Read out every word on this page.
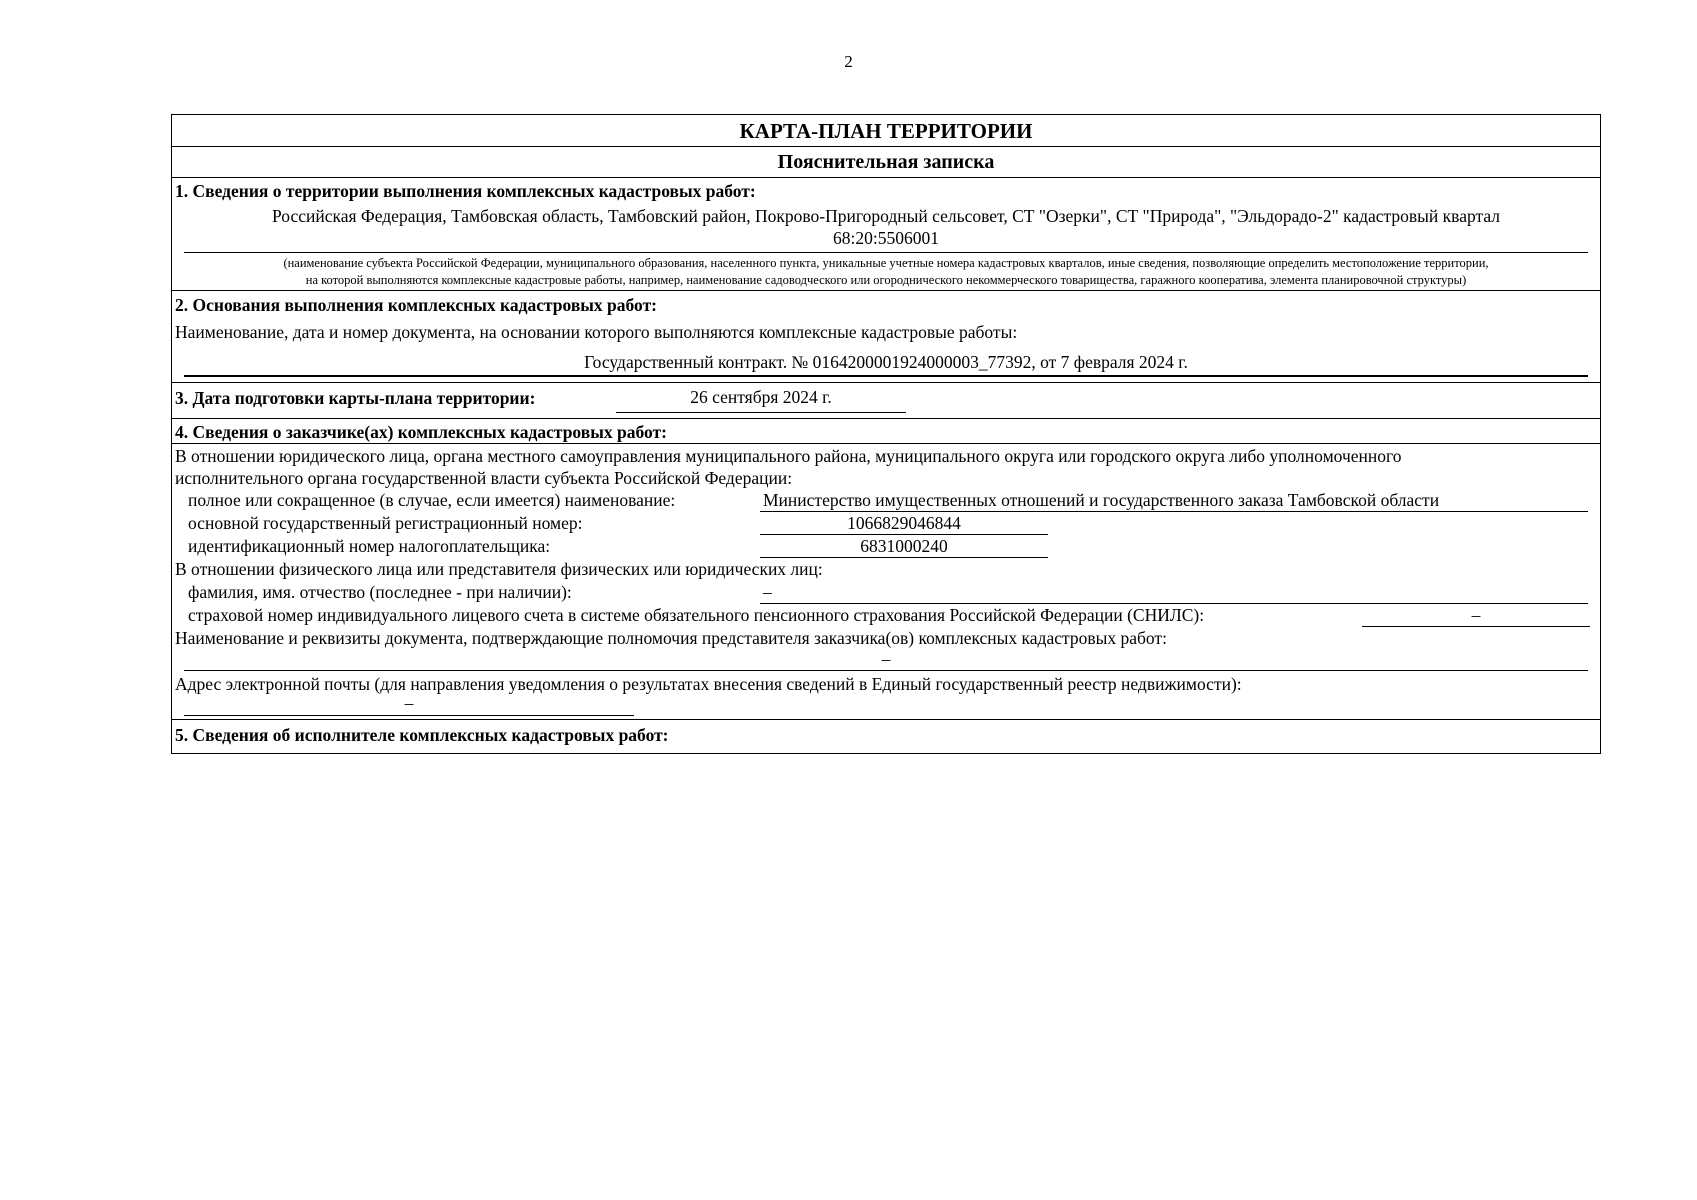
2
КАРТА-ПЛАН ТЕРРИТОРИИ
Пояснительная записка
1. Сведения о территории выполнения комплексных кадастровых работ:
Российская Федерация, Тамбовская область, Тамбовский район, Покрово-Пригородный сельсовет, СТ "Озерки", СТ "Природа", "Эльдорадо-2" кадастровый квартал
68:20:5506001
(наименование субъекта Российской Федерации, муниципального образования, населенного пункта, уникальные учетные номера кадастровых кварталов, иные сведения, позволяющие определить местоположение территории,
на которой выполняются комплексные кадастровые работы, например, наименование садоводческого или огороднического некоммерческого товарищества, гаражного кооператива, элемента планировочной структуры)
2. Основания выполнения комплексных кадастровых работ:
Наименование, дата и номер документа, на основании которого выполняются комплексные кадастровые работы:
Государственный контракт. № 0164200001924000003_77392, от 7 февраля 2024 г.
3. Дата подготовки карты-плана территории:	26 сентября 2024 г.
4. Сведения о заказчике(ах) комплексных кадастровых работ:
В отношении юридического лица, органа местного самоуправления муниципального района, муниципального округа или городского округа либо уполномоченного
исполнительного органа государственной власти субъекта Российской Федерации:
полное или сокращенное (в случае, если имеется) наименование:	Министерство имущественных отношений и государственного заказа Тамбовской области
основной государственный регистрационный номер:	1066829046844
идентификационный номер налогоплательщика:	6831000240
В отношении физического лица или представителя физических или юридических лиц:
фамилия, имя. отчество (последнее - при наличии):	–
страховой номер индивидуального лицевого счета в системе обязательного пенсионного страхования Российской Федерации (СНИЛС):	–
Наименование и реквизиты документа, подтверждающие полномочия представителя заказчика(ов) комплексных кадастровых работ:
–
Адрес электронной почты (для направления уведомления о результатах внесения сведений в Единый государственный реестр недвижимости):
–
5. Сведения об исполнителе комплексных кадастровых работ:
